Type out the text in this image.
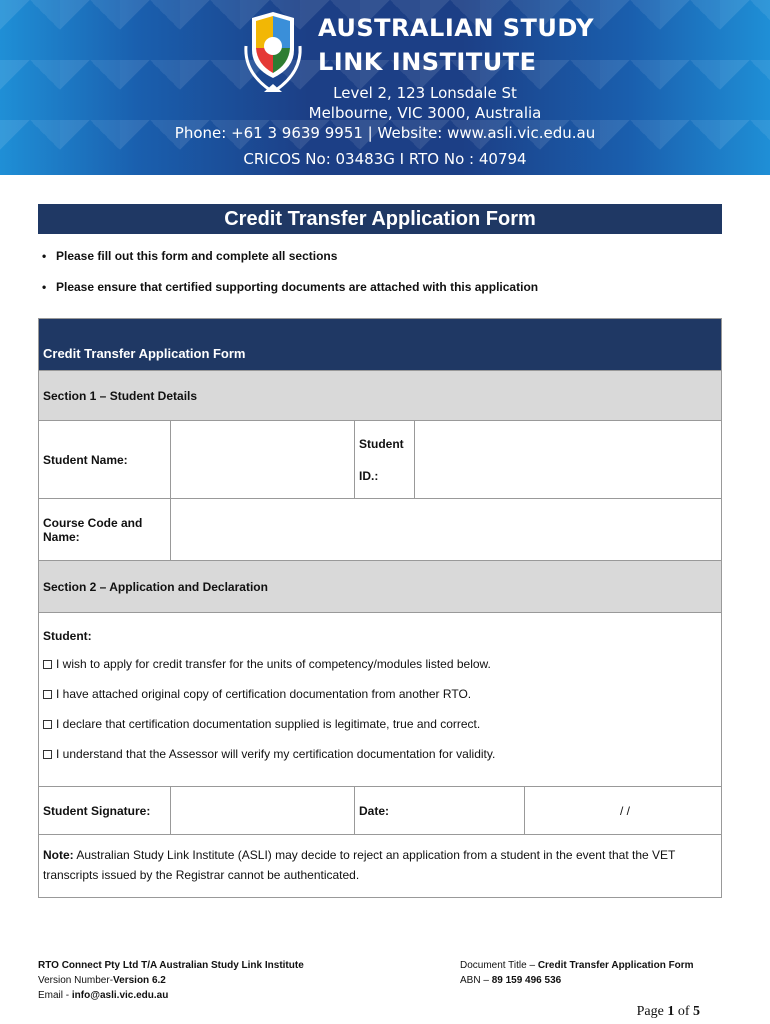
AUSTRALIAN STUDY
LINK INSTITUTE
Level 2, 123 Lonsdale St
Melbourne, VIC 3000, Australia
Phone: +61 3 9639 9951 | Website: www.asli.vic.edu.au
CRICOS No: 03483G I RTO No : 40794
Credit Transfer Application Form
• Please fill out this form and complete all sections
• Please ensure that certified supporting documents are attached with this application
Credit Transfer Application Form
Section 1 – Student Details
Student Name:
Student
ID.:
Course Code and Name:
Section 2 – Application and Declaration
Student:
I wish to apply for credit transfer for the units of competency/modules listed below.
I have attached original copy of certification documentation from another RTO.
I declare that certification documentation supplied is legitimate, true and correct.
I understand that the Assessor will verify my certification documentation for validity.
Student Signature:	Date:	/ /
Note: Australian Study Link Institute (ASLI) may decide to reject an application from a student in the event that the VET transcripts issued by the Registrar cannot be authenticated.
RTO Connect Pty Ltd T/A Australian Study Link Institute
Version Number-Version 6.2
Email - info@asli.vic.edu.au
Document Title – Credit Transfer Application Form
ABN – 89 159 496 536
Page 1 of 5
